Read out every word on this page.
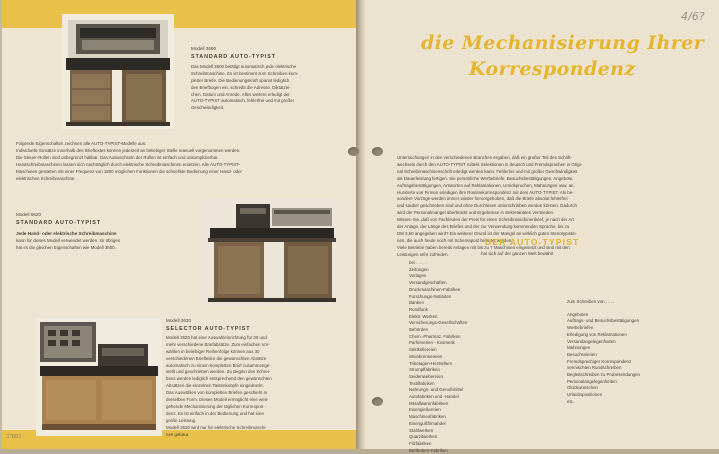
Modell 3600
STANDARD AUTO-TYPIST
Das Modell 3600 betätigt automatisch jede elektrische
Schreibmaschine. Es ist bestimmt zum Schreiben kom-
pletter Briefe. Die Bedienungskraft spannt lediglich
den Briefbogen ein, schreibt die Adresse, Diktatzei-
chen, Datum und Anrede. Alles weitere erledigt der
AUTO-TYPIST automatisch, fehlerfrei und mit großer
Geschwindigkeit.
Folgende Eigenschaften zeichnen alle AUTO-TYPIST-Modelle aus:
Individuelle Einsätze innerhalb des Brieftextes können jederzeit an beliebiger Stelle manuell vorgenommen werden.
Die Steuer-Rollen sind unbegrenzt haltbar. Das Auswechseln der Rollen ist einfach und unkomplizierbar.
Handschreibmaschinen lassen sich nachträglich durch elektrische Schreibmaschinen ersetzen. Alle AUTO-TYPIST-
Maschinen gestatten mit einer Frequenz von 1800 möglichen Funktionen die schnellste Bedienung einer Hand- oder
elektrischen Schreibmaschine.
Modell 5620
STANDARD AUTO-TYPIST
Jede Hand- oder elektrische Schreibmaschine
kann für dieses Modell verwendet werden. Im übrigen
hat es die gleichen Eigenschaften wie Modell 3600.
Modell 3630
SELECTOR AUTO-TYPIST
Modell 3630 hat eine Auswahleinrichtung für 30 und
mehr verschiedene Briefabsätze. Zum einfachen Vor-
wählen in beliebiger Reihenfolge können aus 30
verschiedenen Briefteilen die gewünschten Absätze
automatisch zu einem kompletten Brief zusammenge-
stellt und geschrieben werden. Zu Beginn des Schrei-
bens werden lediglich entsprechend den gewünschten
Absätzen die einzelnen Tastenknöpfe eingedrückt.
Das Auswählen von kompletten Briefen geschieht in
derselben Form. Dieses Modell ermöglicht eine weit-
gehende Mechanisierung der täglichen Korrespon-
denz. Es ist einfach in der Bedienung und hat eine
große Leistung.
Modell 3630 wird nur für elektrische Schreibmaschi-
nen gebaut.
37883
4/6?
die Mechanisierung Ihrer
Korrespondenz
Untersuchungen in den verschiedenen Branchen ergaben, daß ein großer Teil des Schrift-
wechsels durch den AUTO-TYPIST mittels Selektionen in deutsch und Fremdsprachen in Origi-
nal Schreibmaschinenschrift erledigt werden kann. Fehlerlos und mit großer Geschwindigkeit
als Dauerleistung fertigen. Sie persönliche Werbebriefe, Besuchsbestätigungen, Angebote,
Auftragsbestätigungen, Antworten auf Reklamationen, Urnidspruchen, Mahnungen usw. an.
Hunderte von Firmen erledigen ihre Routinekorrespondenz mit dem AUTO-TYPIST. Als be-
sondere Vorzüge werden immer wieder hervorgehoben, daß die Briefe absolut fehlerfrei
und sauber geschrieben sind und ohne Durchlesen unterschrieben werden können. Dadurch
wird der Personalmangel überbrückt und Ergebnisse in Sekretariaten vermieden.
Wissen Sie, daß von Fachleuten der Preis für einen Schreibmaschinenbrief, je nach der Art
der Anlage, der Länge des Briefes und der zur Verwendung kommenden Sprache, bis zu
DM 3,50 angegeben wird? Ein weiterer Grund ist der Mangel an wirklich guten Stenotypistin-
nen, die auch heute noch mit Schemapost belastet werden.
Viele Betriebe haben bereits Anlagen mit bis zu 7 Maschinen eingesetzt und sind mit den
Leistungen sehr zufrieden.
DER AUTO-TYPIST
hat sich auf der ganzen Welt bewährt
bei . . . . .
Zeitungen
Verlagen
Versandgeschäften
Druckmaschinen-Fabriken
Forschungs-Instituten
Banken
Rundfunk
Elektr. Werken
Versicherungs-Gesellschaften
Behörden
Chem.-Pharmaz. Fabriken
Parfümerien - Kosmetik
Sektkellereien
Weinbrennereien
Trikotagen-Herstellern
Strumpffabriken
Seidenwebereien
Textilfabriken
Nahrungs- und Genußmittel
Autofabriken und -Handel
Metallwarenfabriken
Eisengießereien
Maschinenfabriken
Eisengußfirmahdel
Stahlwerken
Quarzitwerken
Filzfabriken
Bettfedern-Fabriken
zum Schreiben von . . . .
Angeboten
Auftrags- und Besuchsbestätigungen
Werbebriefen
Erledigung von Reklamationen
Versandangelegenheiten
Mahnungen
Besuchsvierien
Fremdsprachiger Korrespondenz
vermischten Rundschreiben
Begleitschreiben zu Probesendungen
Personalangelegenheiten
Glückwünschen
Urlaubspositionen
etc.
